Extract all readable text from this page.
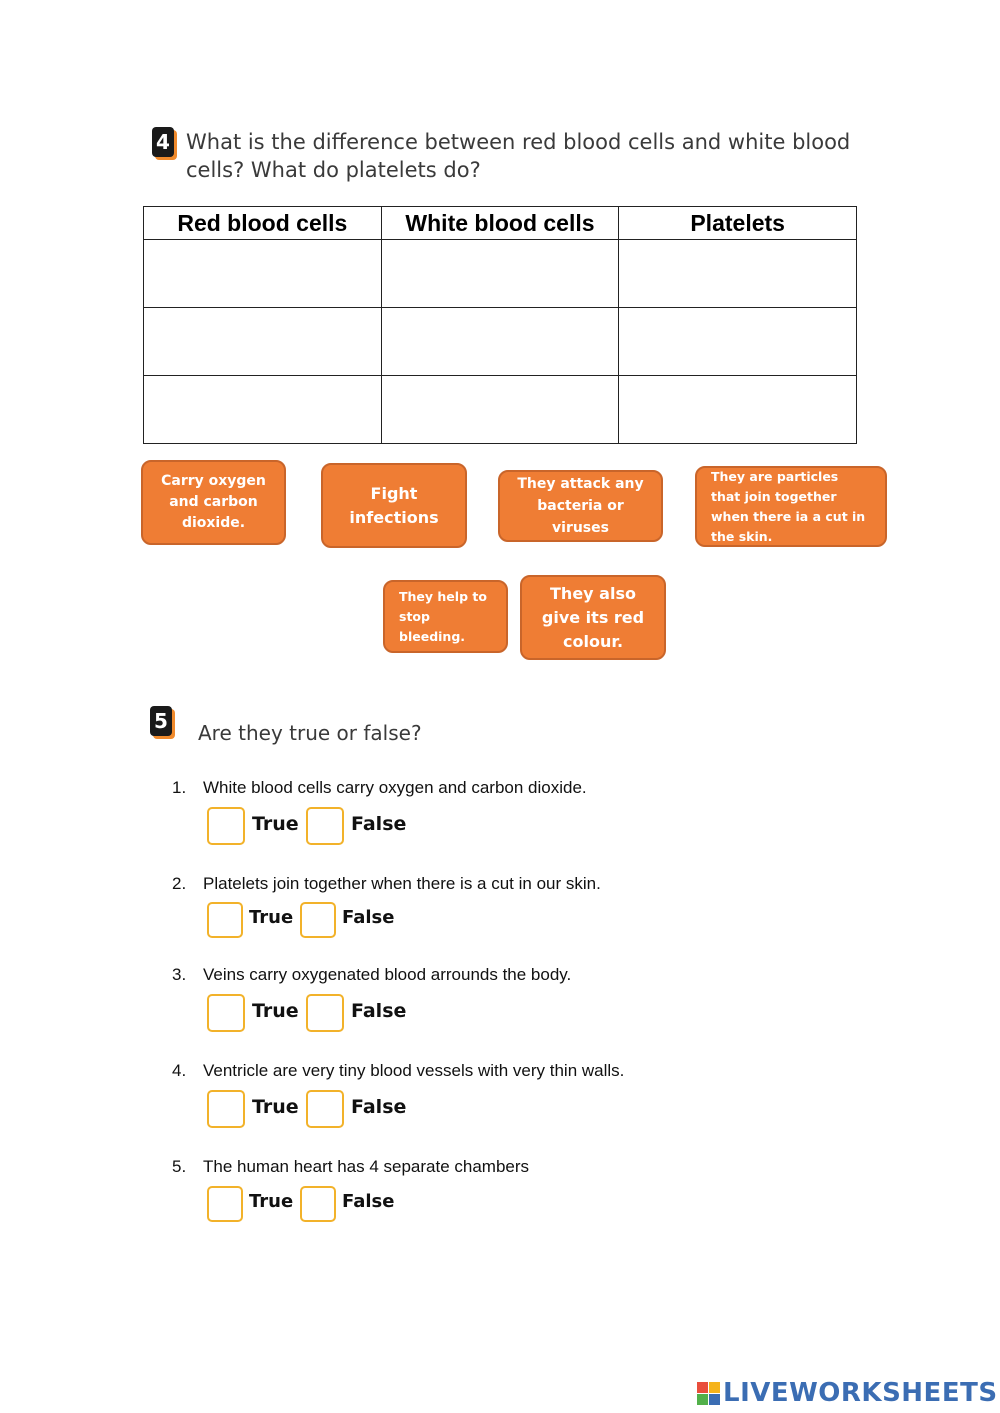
4 What is the difference between red blood cells and white blood cells? What do platelets do?
Red blood cells	White blood cells	Platelets

Carry oxygen and carbon dioxide.
Fight infections
They attack any bacteria or viruses
They are particles that join together when there ia a cut in the skin.
They help to stop bleeding.
They also give its red colour.
5 Are they true or false?
1. White blood cells carry oxygen and carbon dioxide.
True	False
2. Platelets join together when there is a cut in our skin.
True	False
3. Veins carry oxygenated blood arrounds the body.
True	False
4. Ventricle are very tiny blood vessels with very thin walls.
True	False
5. The human heart has 4 separate chambers
True	False
LIVEWORKSHEETS
